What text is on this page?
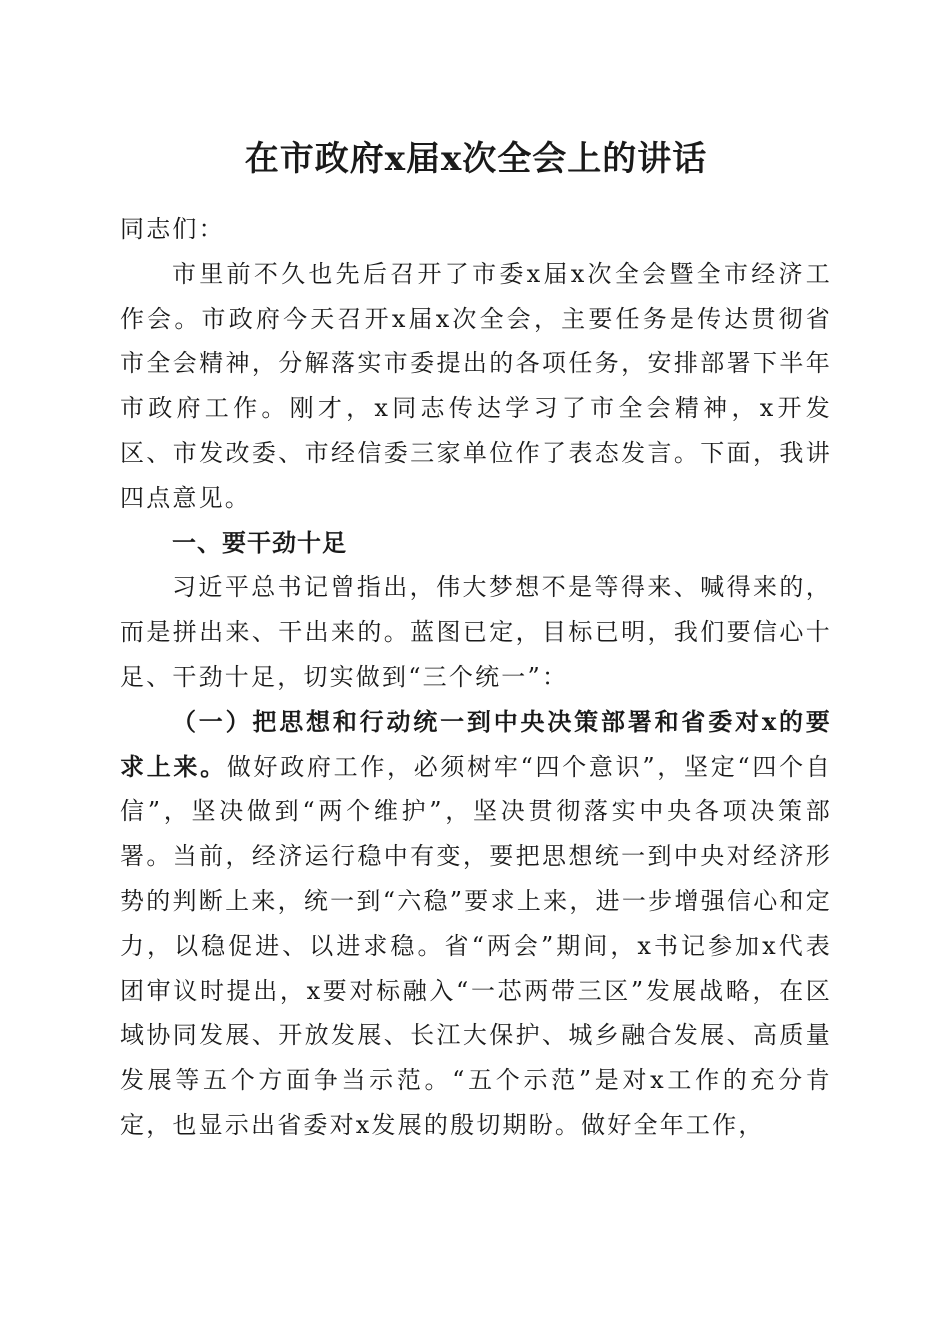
在市政府x届x次全会上的讲话

同志们：

市里前不久也先后召开了市委x届x次全会暨全市经济工作会。市政府今天召开x届x次全会，主要任务是传达贯彻省市全会精神，分解落实市委提出的各项任务，安排部署下半年市政府工作。刚才，x同志传达学习了市全会精神，x开发区、市发改委、市经信委三家单位作了表态发言。下面，我讲四点意见。

一、要干劲十足

习近平总书记曾指出，伟大梦想不是等得来、喊得来的，而是拼出来、干出来的。蓝图已定，目标已明，我们要信心十足、干劲十足，切实做到“三个统一”：

（一）把思想和行动统一到中央决策部署和省委对x的要求上来。做好政府工作，必须树牢“四个意识”，坚定“四个自信”，坚决做到“两个维护”，坚决贯彻落实中央各项决策部署。当前，经济运行稳中有变，要把思想统一到中央对经济形势的判断上来，统一到“六稳”要求上来，进一步增强信心和定力，以稳促进、以进求稳。省“两会”期间，x书记参加x代表团审议时提出，x要对标融入“一芯两带三区”发展战略，在区域协同发展、开放发展、长江大保护、城乡融合发展、高质量发展等五个方面争当示范。“五个示范”是对x工作的充分肯定，也显示出省委对x发展的殷切期盼。做好全年工作，
